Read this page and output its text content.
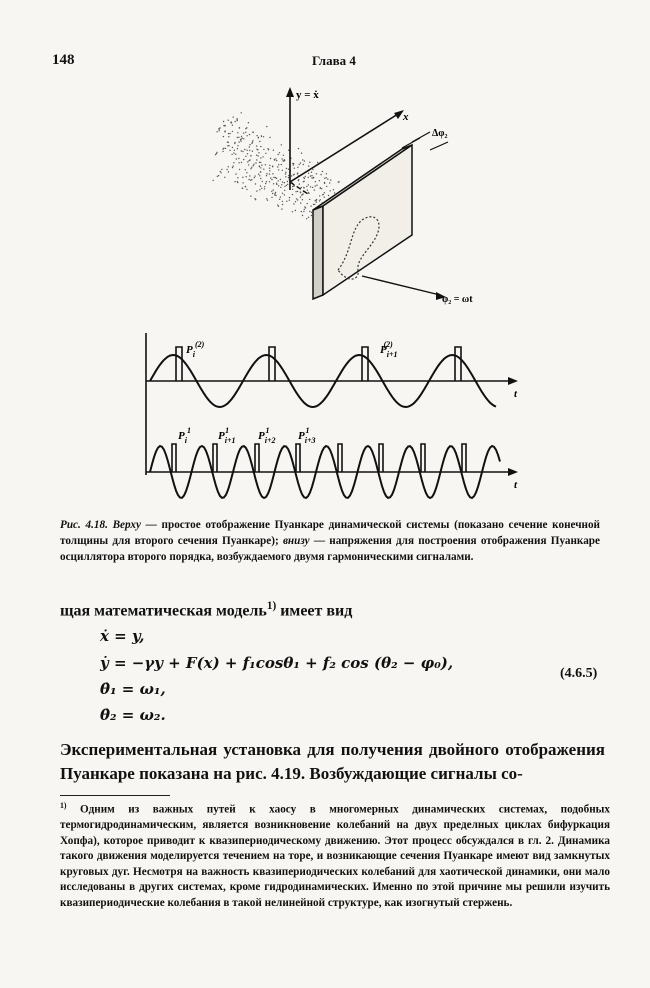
148	Глава 4
y = ẋ
x
Δφ₂
φ₂ = ωt
$P_i^{(2)}$	$P_{i+1}(2)$
$P_i^1$ $P_{i+1}1$	$P_{i+2}1$	$P_{i+3}1$
t
t
Рис. 4.18. Верху — простое отображение Пуанкаре динамической системы (показано сечение конечной толщины для второго сечения Пуанкаре); внизу — напряжения для построения отображения Пуанкаре осциллятора второго порядка, возбуждаемого двумя гармоническими сигналами.
щая математическая модель$^{1)}$ имеет вид
ẋ = y,
ẏ = −γy + F(x) + f₁cosθ₁ + f₂ cos (θ₂ − φ₀),
θ̇₁ = ω₁,
θ̇₂ = ω₂.
(4.6.5)
Экспериментальная установка для получения двойного отображения Пуанкаре показана на рис. 4.19. Возбуждающие сигналы со-
$^{1)}$ Одним из важных путей к хаосу в многомерных динамических системах, подобных термогидродинамическим, является возникновение колебаний на двух пределных циклах бифуркация Хопфа), которое приводит к квазипериодическому движению. Этот процесс обсуждался в гл. 2. Динамика такого движения моделируется течением на торе, и возникающие сечения Пуанкаре имеют вид замкнутых круговых дуг. Несмотря на важность квазипериодических колебаний для хаотической динамики, они мало исследованы в других системах, кроме гидродинамических. Именно по этой причине мы решили изучить квазипериодические колебания в такой нелинейной структуре, как изогнутый стержень.
